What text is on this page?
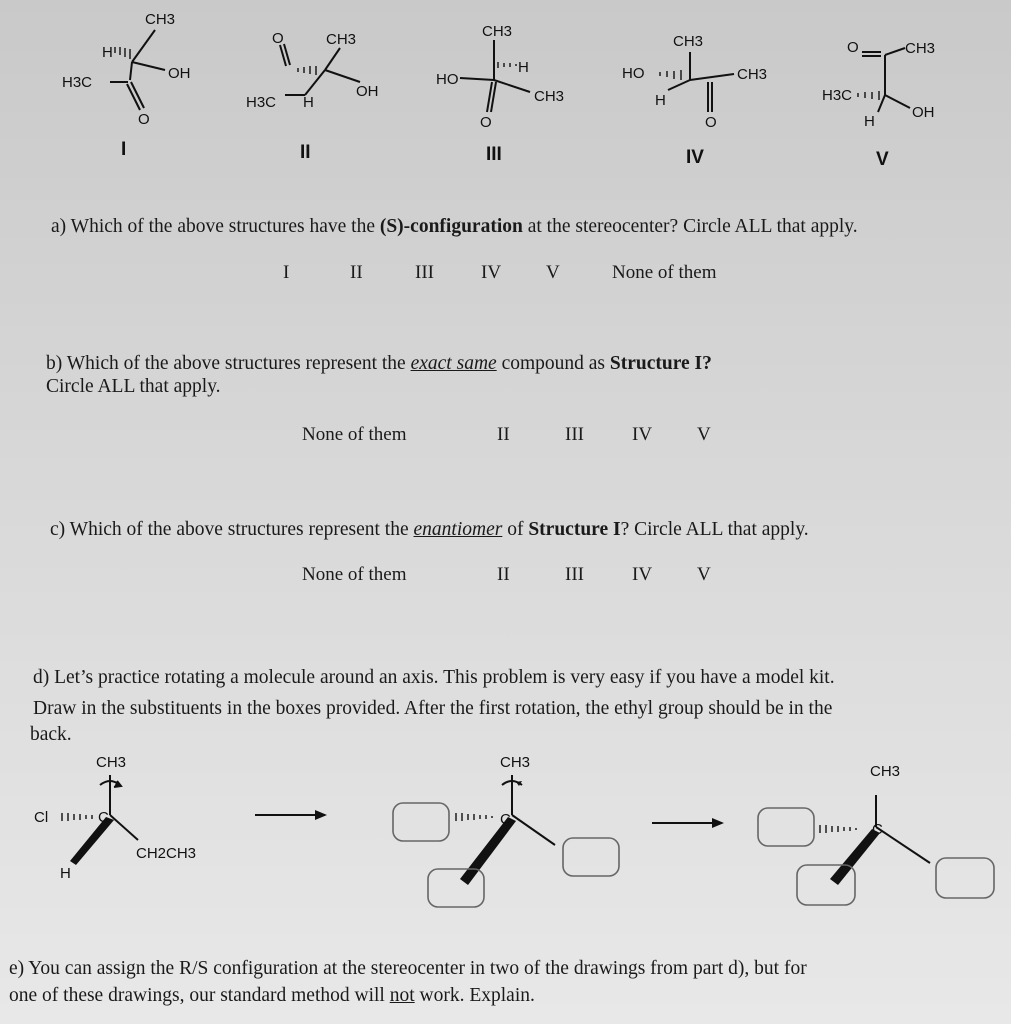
CH3
H
OH
H3C
O
O	CH3
OH
H3C H
CH3
H
HO
CH3
O
CH3
HO	CH3
H
O
O	CH3
H3C
OH
H
I	II	III	IV	V
a) Which of the above structures have the (S)-configuration at the stereocenter? Circle ALL that apply.
I	II	III IV V	None of them
b) Which of the above structures represent the exact same compound as Structure I?
Circle ALL that apply.
None of them	II	III	IV V
c) Which of the above structures represent the enantiomer of Structure I? Circle ALL that apply.
None of them	II	III	IV V
d) Let’s practice rotating a molecule around an axis. This problem is very easy if you have a model kit.
Draw in the substituents in the boxes provided. After the first rotation, the ethyl group should be in the

back.
CH3
Cl	C
CH2CH3
H
CH3
C
CH3
C
e) You can assign the R/S configuration at the stereocenter in two of the drawings from part d), but for
one of these drawings, our standard method will not work. Explain.
